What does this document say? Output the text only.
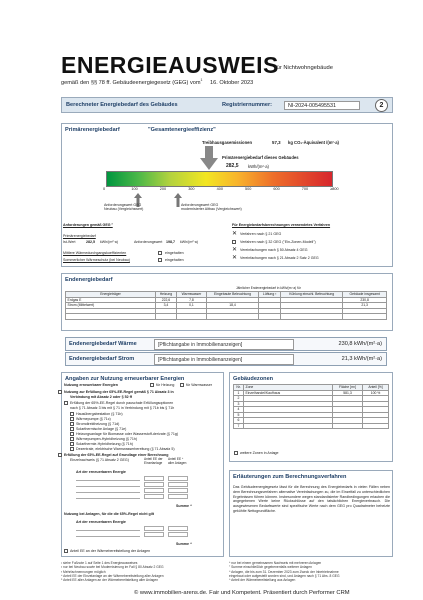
ENERGIEAUSWEIS
für Nichtwohngebäude
gemäß den §§ 78 ff. Gebäudeenergiegesetz (GEG) vom$^1$ 16. Oktober 2023
Berechneter Energiebedarf des Gebäudes	Registriernummer:	NI-2024-005495531	2
Primärenergiebedarf	"Gesamtenergieeffizienz"
Treibhausgasemissionen	57,3 kg CO₂-Äquivalent /(m²·a)
Primärenergiebedarf dieses Gebäudes
282,5 kWh/(m²·a)
0	100	200	300	400	500	600	700	≥800
Anforderungswert GEG
Neubau (Vergleichswert)
Anforderungswert GEG
modernisierter Altbau (Vergleichswert)
Anforderungen gemäß GEG ²
Primärenergiebedarf
Ist-Wert	282,5 kWh/(m²·a)	Anforderungswert 198,7 kWh/(m²·a)
Mittlere Wärmedurchgangskoeffizienten	eingehalten
Sommerlicher Wärmeschutz (bei Neubau)	eingehalten
Für Energiebedarfsberechnungen verwendetes Verfahren
✕ Verfahren nach § 21 GEG
Verfahren nach § 32 GEG ("Ein-Zonen-Modell")
✕ Vereinfachungen nach § 50 Absatz 4 GEG
✕ Vereinfachungen nach § 21 Absatz 2 Satz 2 GEG
Endenergiebedarf
Jährlicher Endenergiebedarf in kWh/(m²·a) für
Energieträger	Heizung	Warmwasser	Eingebaute Beleuchtung	Lüftung ³	Kühlung einschl. Befeuchtung	Gebäude insgesamt
Erdgas E	222,6	7,8				230,8
Strom (Mittelwert)	3,4	0,1	18,4			21,3

Endenergiebedarf Wärme	[Pflichtangabe in Immobilienanzeigen]	230,8 kWh/(m²·a)
Endenergiebedarf Strom	[Pflichtangabe in Immobilienanzeigen]	21,3 kWh/(m²·a)
Angaben zur Nutzung erneuerbarer Energien
Nutzung erneuerbarer Energien	für Heizung	für Warmwasser
Nutzung zur Erfüllung der 65%-EE-Regel gemäß § 71 Absatz 3 in
Verbindung mit Absatz 2 oder § 52 ff
Erfüllung der 65%-EE-Regel durch pauschale Erfüllungsoptionen
nach § 71 Absatz 3 bis mit § 71 in Verbindung mit § 71b bis § 71h
Hausübergabestation (§ 71b)
Wärmepumpe (§ 71c)
Stromdirektheizung (§ 71d)
Solarthermische Anlage (§ 71e)
Heizungsanlage für Biomasse oder Wasserstoff-derivate (§ 71g)
Wärmepumpen-Hybridheizung (§ 71h)
Solarthermie-Hybridheizung (§ 71h)
Dezentrale, elektrische Warmwasserbereitung (§ 71 Absatz 5)
Erfüllung der 65%-EE-Regel auf Grundlage einer Berechnung
Einzelnachweis (§ 71 Absatz 2 GEG)	Anteil EE der Einzelanlage
Anteil EE ⁴ aller Anlagen
Art der erneuerbaren Energie
Summe ⁴
Nutzung bei Anlagen, für die die 65%-Regel nicht gilt
Art der erneuerbaren Energie
Summe ⁴
Anteil EE an der Wärmebereitstellung der Anlagen
Gebäudezonen
Nr.	Zone	Fläche [m²]	Anteil [%]
1	Einzelhandel/Kaufhaus	581,3	100 %
2			
3			
4			
5			
6			
7			
weitere Zonen in Anlage
Erläuterungen zum Berechnungsverfahren
Das Gebäudeenergiegesetz lässt für die Berechnung des Energiebedarfs in vielen Fällen neben dem Berechnungsverfahren alternative Vereinfachungen zu, die im Einzelfall zu unterschiedlichen Ergebnissen führen können. Insbesondere wegen standardisierter Randbedingungen erlauben die angegebenen Werte keine Rückschlüsse auf den tatsächlichen Energieverbrauch. Die ausgewiesenen Bedarfswerte sind spezifische Werte nach dem GEG pro Quadratmeter beheizte gekühlte Nettogrundfläche.
¹ siehe Fußnote 1 auf Seite 1 des Energieausweises
² nur bei Neubau sowie bei Modernisierung im Fall § 80 Absatz 2 GEG
³ Mehrfachnennungen möglich
⁴ Anteil EE der Einzelanlage an der Wärmebereitstellung aller Anlagen
⁵ Anteil EE aller Anlagen an der Wärmebereitstellung aller Anlagen
⁶ nur bei einem gemeinsamen Nachweis mit mehreren Anlagen
⁷ Summe einschließlich gegebenenfalls weiterer Anlagen
⁸ Anlagen, die bis zum 31. Dezember 2023 zum Zweck der Inbetriebnahme
eingebaut oder aufgestellt worden sind, und Anlagen nach § 71 Abs. 8 GEG
⁹ Anteil der Wärmebereitstellung aus Anlagen
© www.immobilien-arens.de. Fair und Kompetent. Präsentiert durch Performer CRM
